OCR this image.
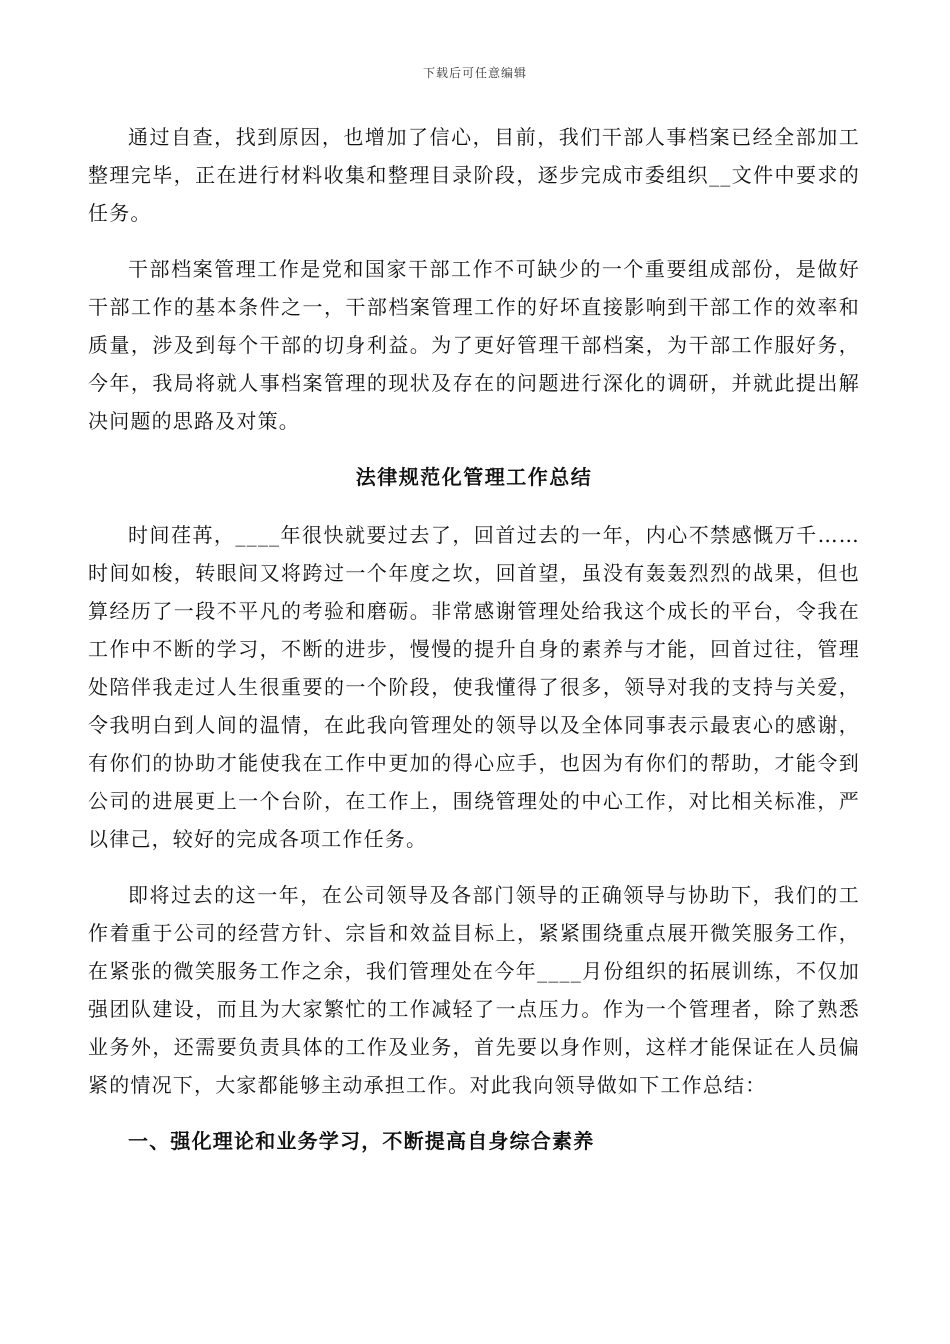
下载后可任意编辑

通过自查，找到原因，也增加了信心，目前，我们干部人事档案已经全部加工整理完毕，正在进行材料收集和整理目录阶段，逐步完成市委组织__文件中要求的任务。

干部档案管理工作是党和国家干部工作不可缺少的一个重要组成部份，是做好干部工作的基本条件之一，干部档案管理工作的好坏直接影响到干部工作的效率和质量，涉及到每个干部的切身利益。为了更好管理干部档案，为干部工作服好务，今年，我局将就人事档案管理的现状及存在的问题进行深化的调研，并就此提出解决问题的思路及对策。

法律规范化管理工作总结

时间荏苒，____年很快就要过去了，回首过去的一年，内心不禁感慨万千……时间如梭，转眼间又将跨过一个年度之坎，回首望，虽没有轰轰烈烈的战果，但也算经历了一段不平凡的考验和磨砺。非常感谢管理处给我这个成长的平台，令我在工作中不断的学习，不断的进步，慢慢的提升自身的素养与才能，回首过往，管理处陪伴我走过人生很重要的一个阶段，使我懂得了很多，领导对我的支持与关爱，令我明白到人间的温情，在此我向管理处的领导以及全体同事表示最衷心的感谢，有你们的协助才能使我在工作中更加的得心应手，也因为有你们的帮助，才能令到公司的进展更上一个台阶，在工作上，围绕管理处的中心工作，对比相关标准，严以律己，较好的完成各项工作任务。

即将过去的这一年，在公司领导及各部门领导的正确领导与协助下，我们的工作着重于公司的经营方针、宗旨和效益目标上，紧紧围绕重点展开微笑服务工作，在紧张的微笑服务工作之余，我们管理处在今年____月份组织的拓展训练，不仅加强团队建设，而且为大家繁忙的工作减轻了一点压力。作为一个管理者，除了熟悉业务外，还需要负责具体的工作及业务，首先要以身作则，这样才能保证在人员偏紧的情况下，大家都能够主动承担工作。对此我向领导做如下工作总结：

一、强化理论和业务学习，不断提高自身综合素养
